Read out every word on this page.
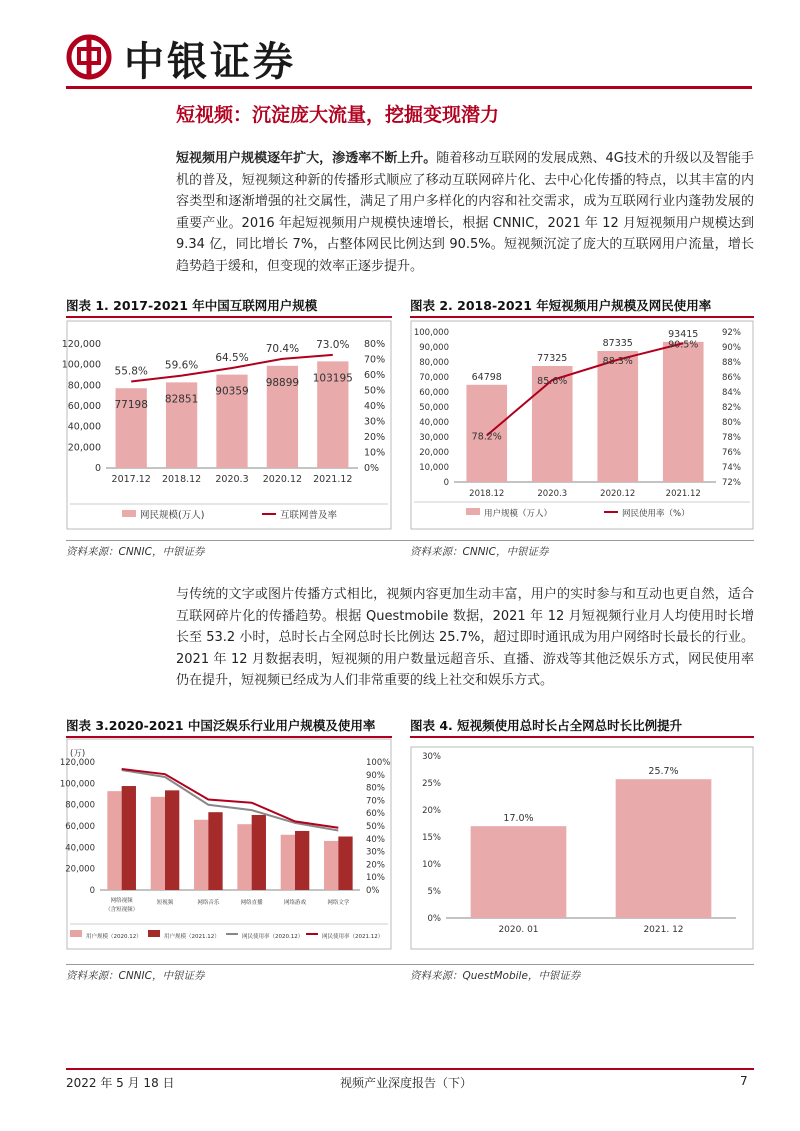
中银证券
短视频：沉淀庞大流量，挖掘变现潜力
短视频用户规模逐年扩大，渗透率不断上升。随着移动互联网的发展成熟、4G技术的升级以及智能手机的普及，短视频这种新的传播形式顺应了移动互联网碎片化、去中心化传播的特点，以其丰富的内容类型和逐渐增强的社交属性，满足了用户多样化的内容和社交需求，成为互联网行业内蓬勃发展的重要产业。2016 年起短视频用户规模快速增长，根据 CNNIC，2021 年 12 月短视频用户规模达到 9.34 亿，同比增长 7%，占整体网民比例达到 90.5%。短视频沉淀了庞大的互联网用户流量，增长趋势趋于缓和，但变现的效率正逐步提升。
图表 1. 2017-2021 年中国互联网用户规模
0
20,000
40,000
60,000
80,000
100,000
120,000
0%
10%
20%
30%
40%
50%
60%
70%
80%
77198 82851
90359
98899 103195
55.8% 59.6%
64.5%
70.4% 73.0%
2017.12 2018.12 2020.3 2020.12 2021.12
网民规模(万人)	互联网普及率
资料来源：CNNIC，中银证券
图表 2. 2018-2021 年短视频用户规模及网民使用率
0
10,000
20,000
30,000
40,000
50,000
60,000
70,000
80,000
90,000
100,000
72%
74%
76%
78%
80%
82%
84%
86%
88%
90%
92%
64798
77325
87335
93415
78.2%
85.6%
88.3%
90.5%
2018.12	2020.3	2020.12	2021.12
用户规模（万人）	网民使用率（%）
资料来源：CNNIC，中银证券
与传统的文字或图片传播方式相比，视频内容更加生动丰富，用户的实时参与和互动也更自然，适合互联网碎片化的传播趋势。根据 Questmobile 数据，2021 年 12 月短视频行业月人均使用时长增长至 53.2 小时，总时长占全网总时长比例达 25.7%，超过即时通讯成为用户网络时长最长的行业。2021 年 12 月数据表明，短视频的用户数量远超音乐、直播、游戏等其他泛娱乐方式，网民使用率仍在提升，短视频已经成为人们非常重要的线上社交和娱乐方式。
图表 3.2020-2021 中国泛娱乐行业用户规模及使用率
0
20,000
40,000
60,000
80,000
100,000
120,000
0%
10%
20%
30%
40%
50%
60%
70%
80%
90%
100%
网络视频
（含短视频）
短视频	网络音乐	网络直播	网络游戏	网络文学
用户规模（2020.12）	用户规模（2021.12）	网民使用率（2020.12）	网民使用率（2021.12）
(万)
资料来源：CNNIC，中银证券
图表 4. 短视频使用总时长占全网总时长比例提升
0%
5%
10%
15%
20%
25%
30%
17.0%
25.7%
2020. 01	2021. 12
资料来源：QuestMobile，中银证券
2022 年 5 月 18 日	视频产业深度报告（下）	7
